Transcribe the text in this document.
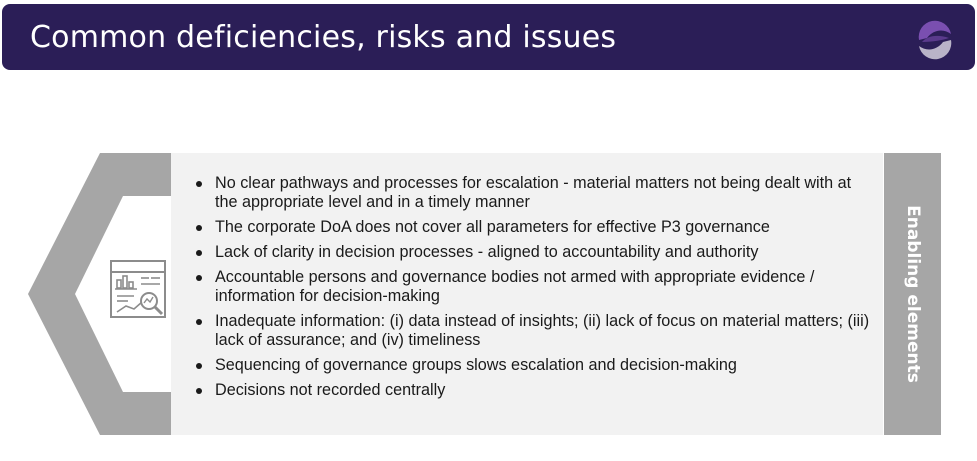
Common deficiencies, risks and issues
No clear pathways and processes for escalation - material matters not being dealt with at the appropriate level and in a timely manner
The corporate DoA does not cover all parameters for effective P3 governance
Lack of clarity in decision processes - aligned to accountability and authority
Accountable persons and governance bodies not armed with appropriate evidence / information for decision-making
Inadequate information: (i) data instead of insights; (ii) lack of focus on material matters; (iii) lack of assurance; and (iv) timeliness
Sequencing of governance groups slows escalation and decision-making
Decisions not recorded centrally
Enabling elements
